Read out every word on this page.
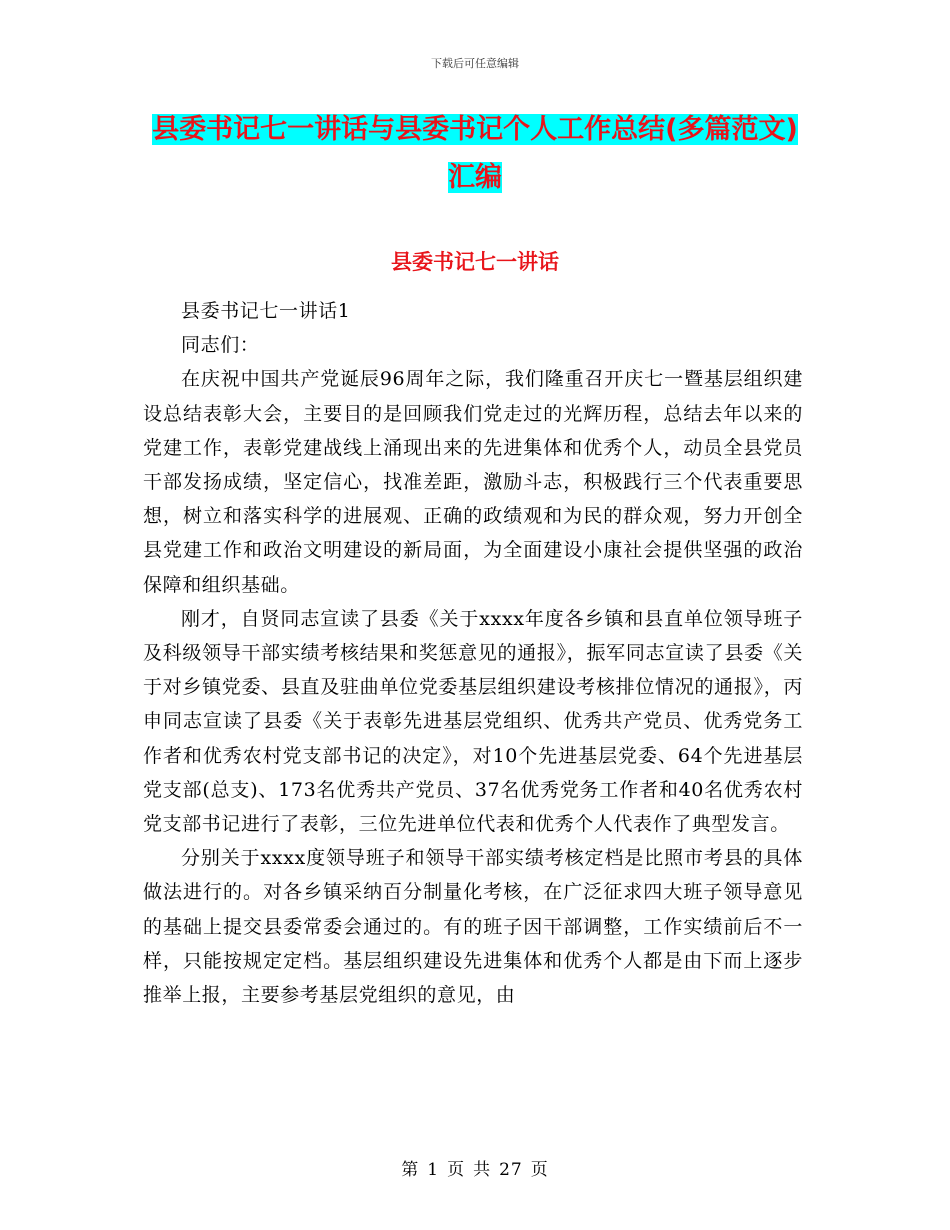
下载后可任意编辑
县委书记七一讲话与县委书记个人工作总结(多篇范文)汇编
县委书记七一讲话

县委书记七一讲话1

同志们：

在庆祝中国共产党诞辰96周年之际，我们隆重召开庆七一暨基层组织建设总结表彰大会，主要目的是回顾我们党走过的光辉历程，总结去年以来的党建工作，表彰党建战线上涌现出来的先进集体和优秀个人，动员全县党员干部发扬成绩，坚定信心，找准差距，激励斗志，积极践行三个代表重要思想，树立和落实科学的进展观、正确的政绩观和为民的群众观，努力开创全县党建工作和政治文明建设的新局面，为全面建设小康社会提供坚强的政治保障和组织基础。

刚才，自贤同志宣读了县委《关于xxxx年度各乡镇和县直单位领导班子及科级领导干部实绩考核结果和奖惩意见的通报》，振军同志宣读了县委《关于对乡镇党委、县直及驻曲单位党委基层组织建设考核排位情况的通报》，丙申同志宣读了县委《关于表彰先进基层党组织、优秀共产党员、优秀党务工作者和优秀农村党支部书记的决定》，对10个先进基层党委、64个先进基层党支部(总支)、173名优秀共产党员、37名优秀党务工作者和40名优秀农村党支部书记进行了表彰，三位先进单位代表和优秀个人代表作了典型发言。

分别关于xxxx度领导班子和领导干部实绩考核定档是比照市考县的具体做法进行的。对各乡镇采纳百分制量化考核，在广泛征求四大班子领导意见的基础上提交县委常委会通过的。有的班子因干部调整，工作实绩前后不一样，只能按规定定档。基层组织建设先进集体和优秀个人都是由下而上逐步推举上报，主要参考基层党组织的意见，由

第 1 页 共 27 页
